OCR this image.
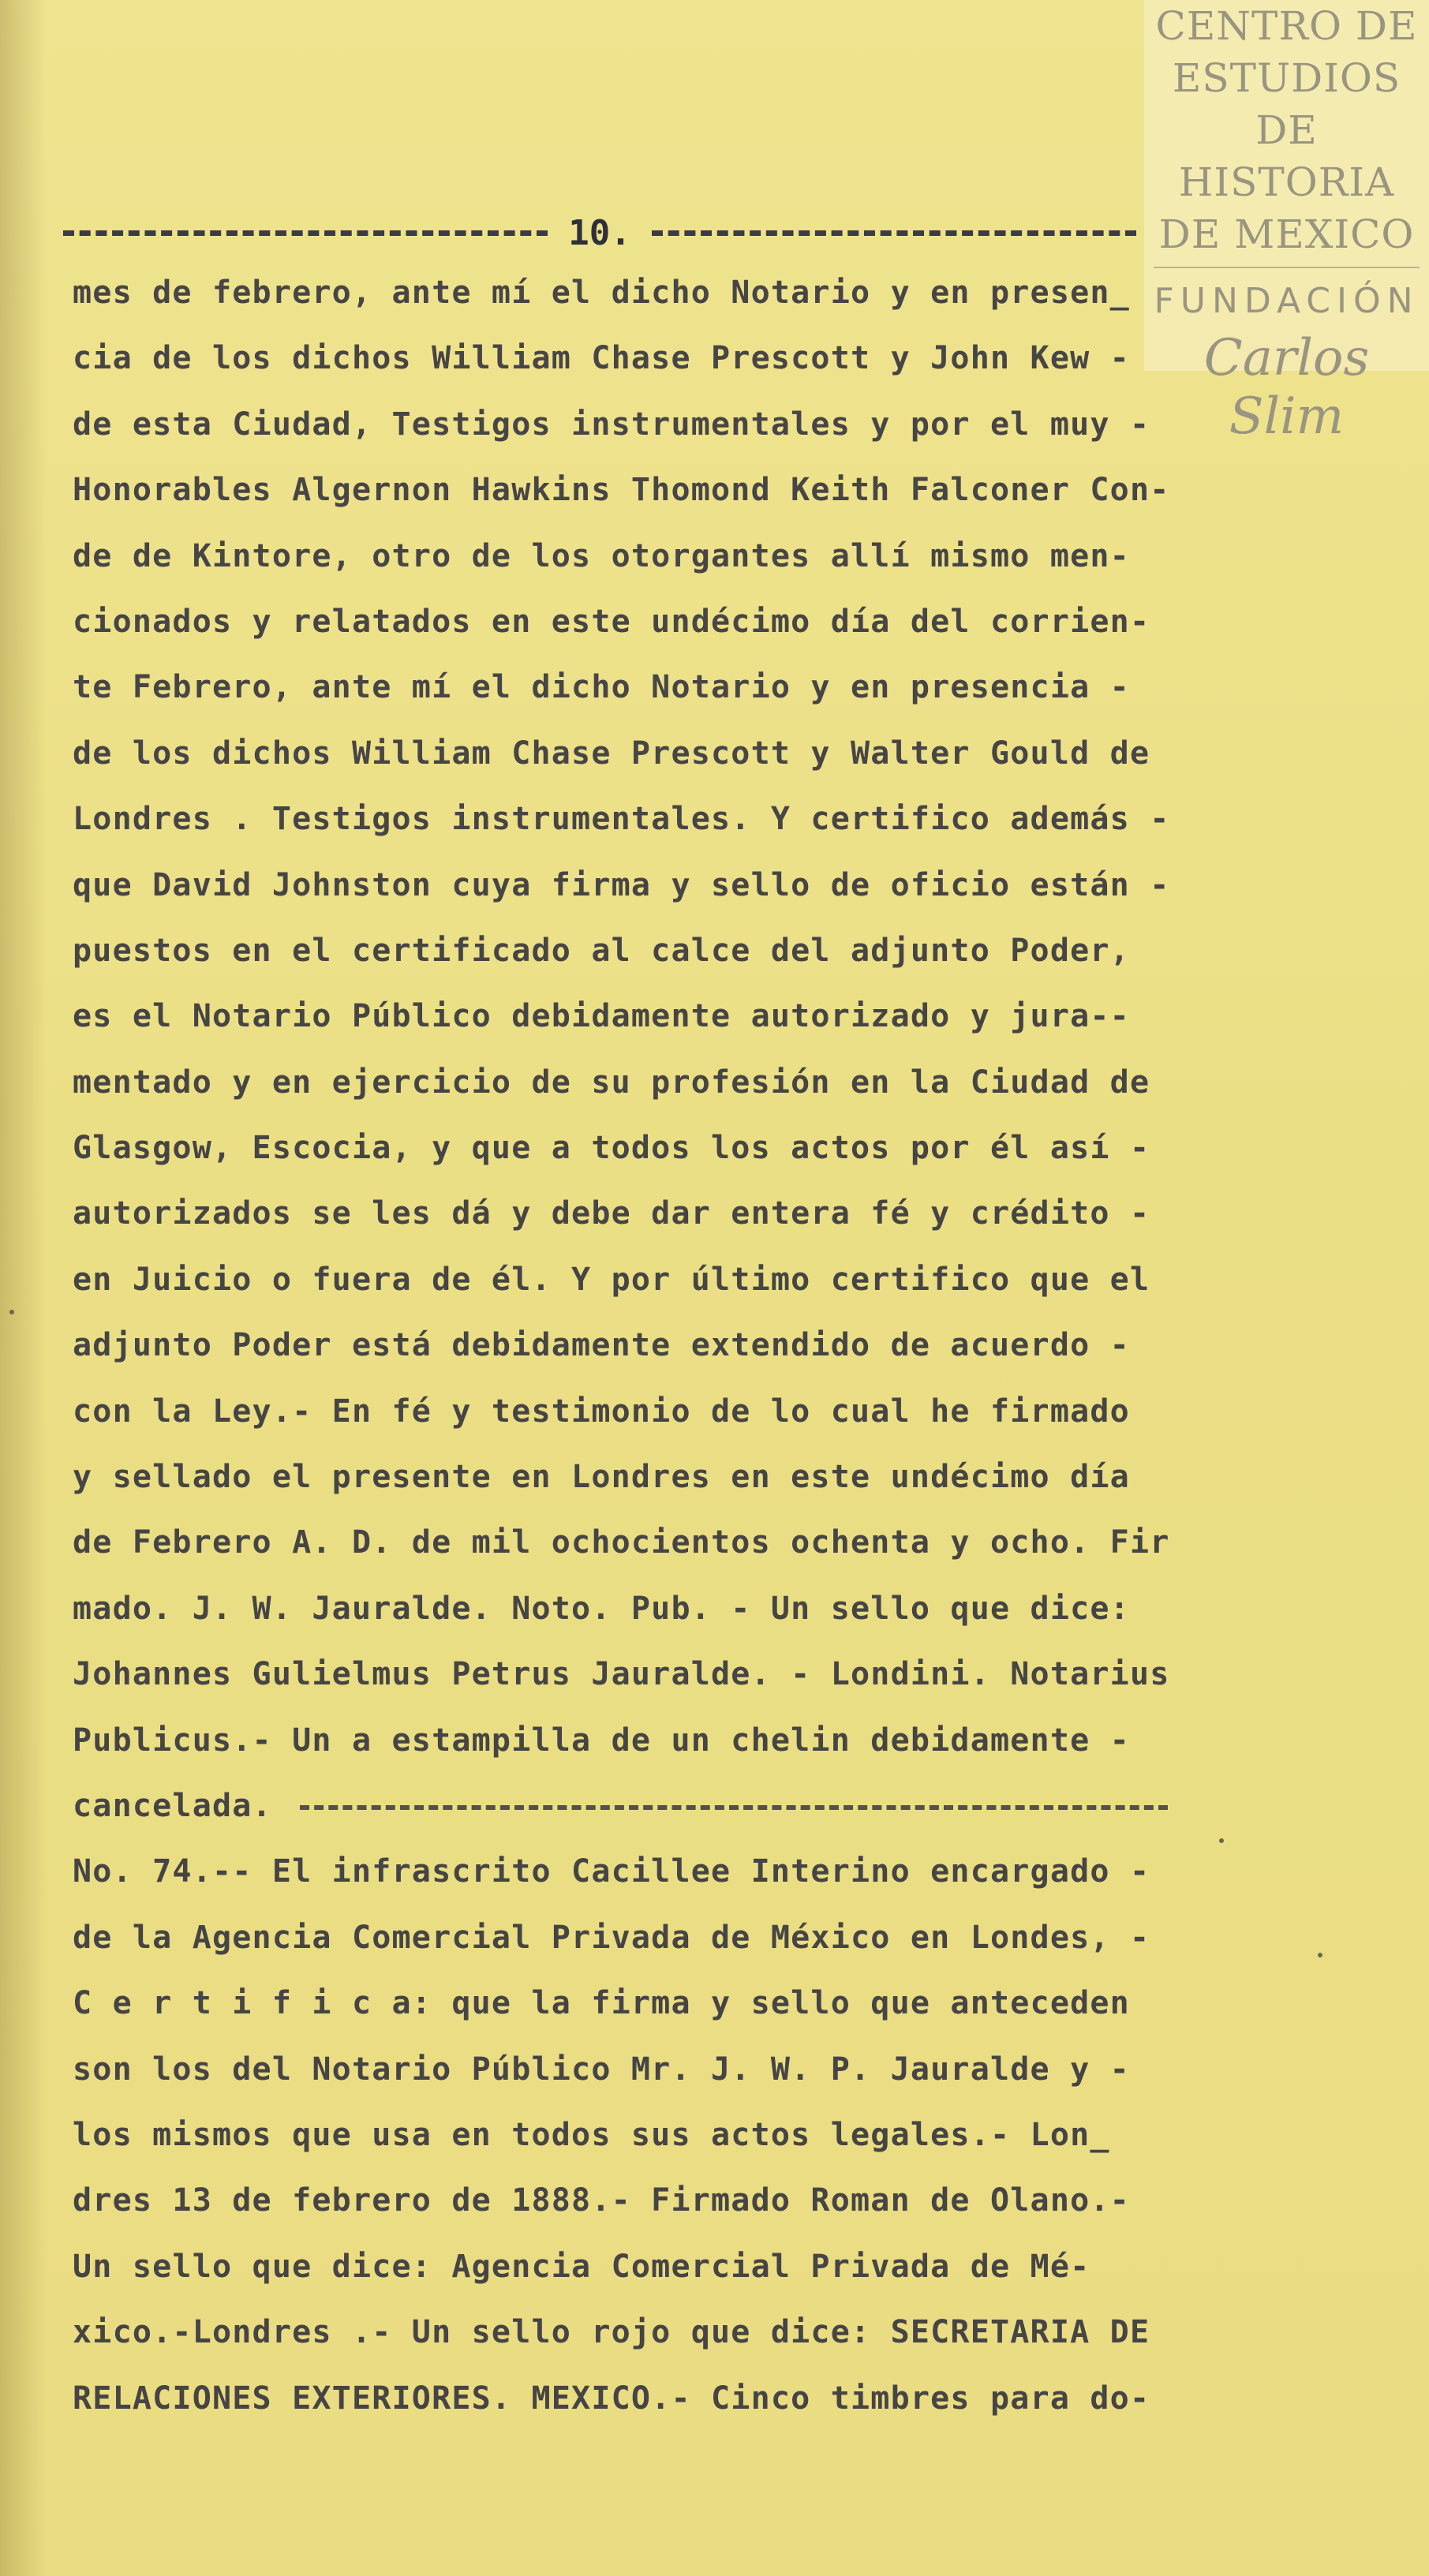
CENTRO DE
ESTUDIOS
DE HISTORIA
DE MEXICO
FUNDACIÓN
Carlos Slim
10.
mes de febrero, ante mí el dicho Notario y en presen_
cia de los dichos William Chase Prescott y John Kew -
de esta Ciudad, Testigos instrumentales y por el muy -
Honorables Algernon Hawkins Thomond Keith Falconer Con-
de de Kintore, otro de los otorgantes allí mismo men-
cionados y relatados en este undécimo día del corrien-
te Febrero, ante mí el dicho Notario y en presencia -
de los dichos William Chase Prescott y Walter Gould de
Londres . Testigos instrumentales. Y certifico además -
que David Johnston cuya firma y sello de oficio están -
puestos en el certificado al calce del adjunto Poder,
es el Notario Público debidamente autorizado y jura--
mentado y en ejercicio de su profesión en la Ciudad de
Glasgow, Escocia, y que a todos los actos por él así -
autorizados se les dá y debe dar entera fé y crédito -
en Juicio o fuera de él. Y por último certifico que el
adjunto Poder está debidamente extendido de acuerdo -
con la Ley.- En fé y testimonio de lo cual he firmado
y sellado el presente en Londres en este undécimo día
de Febrero A. D. de mil ochocientos ochenta y ocho. Fir
mado. J. W. Jauralde. Noto. Pub. - Un sello que dice:
Johannes Gulielmus Petrus Jauralde. - Londini. Notarius
Publicus.- Un a estampilla de un chelin debidamente -
cancelada.
No. 74.-- El infrascrito Cacillee Interino encargado -
de la Agencia Comercial Privada de México en Londes, -
C e r t i f i c a: que la firma y sello que anteceden
son los del Notario Público Mr. J. W. P. Jauralde y -
los mismos que usa en todos sus actos legales.- Lon_
dres 13 de febrero de 1888.- Firmado Roman de Olano.-
Un sello que dice: Agencia Comercial Privada de Mé-
xico.-Londres .- Un sello rojo que dice: SECRETARIA DE
RELACIONES EXTERIORES. MEXICO.- Cinco timbres para do-
